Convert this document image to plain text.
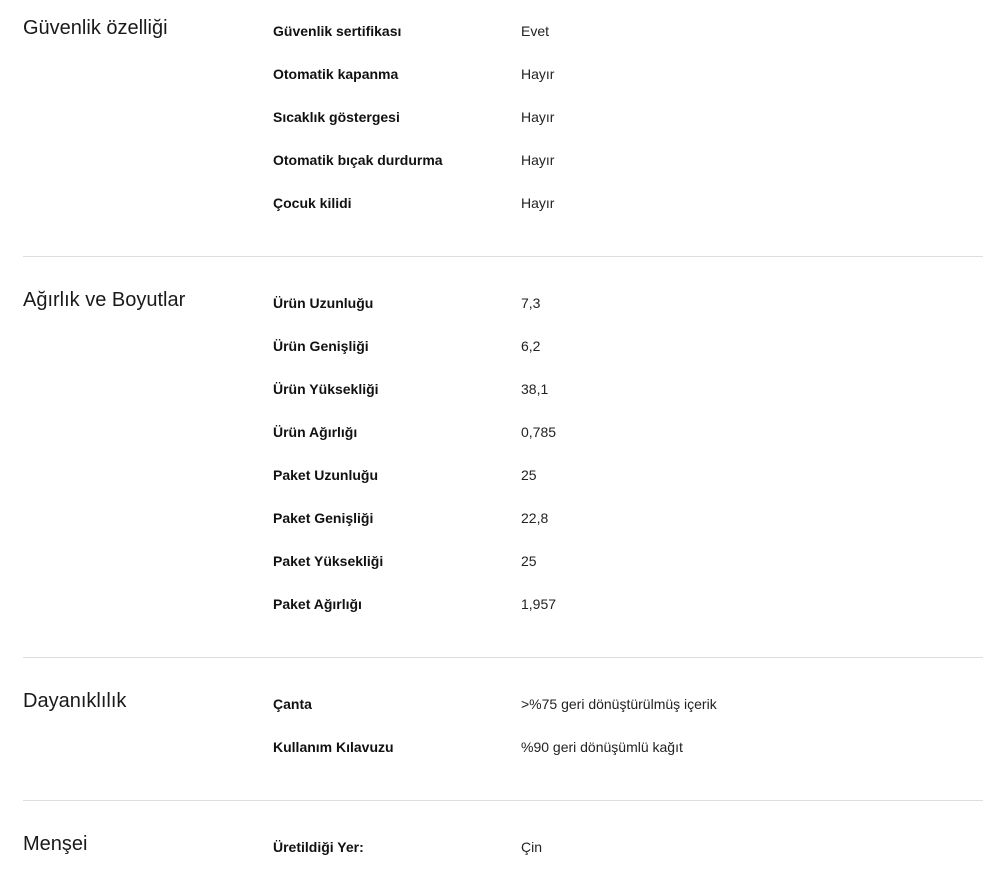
Güvenlik özelliği	Güvenlik sertifikası	Evet
Otomatik kapanma	Hayır
Sıcaklık göstergesi	Hayır
Otomatik bıçak durdurma	Hayır
Çocuk kilidi	Hayır
Ağırlık ve Boyutlar	Ürün Uzunluğu	7,3
Ürün Genişliği	6,2
Ürün Yüksekliği	38,1
Ürün Ağırlığı	0,785
Paket Uzunluğu	25
Paket Genişliği	22,8
Paket Yüksekliği	25
Paket Ağırlığı	1,957
Dayanıklılık	Çanta	>%75 geri dönüştürülmüş içerik
Kullanım Kılavuzu	%90 geri dönüşümlü kağıt
Menşei	Üretildiği Yer:	Çin
